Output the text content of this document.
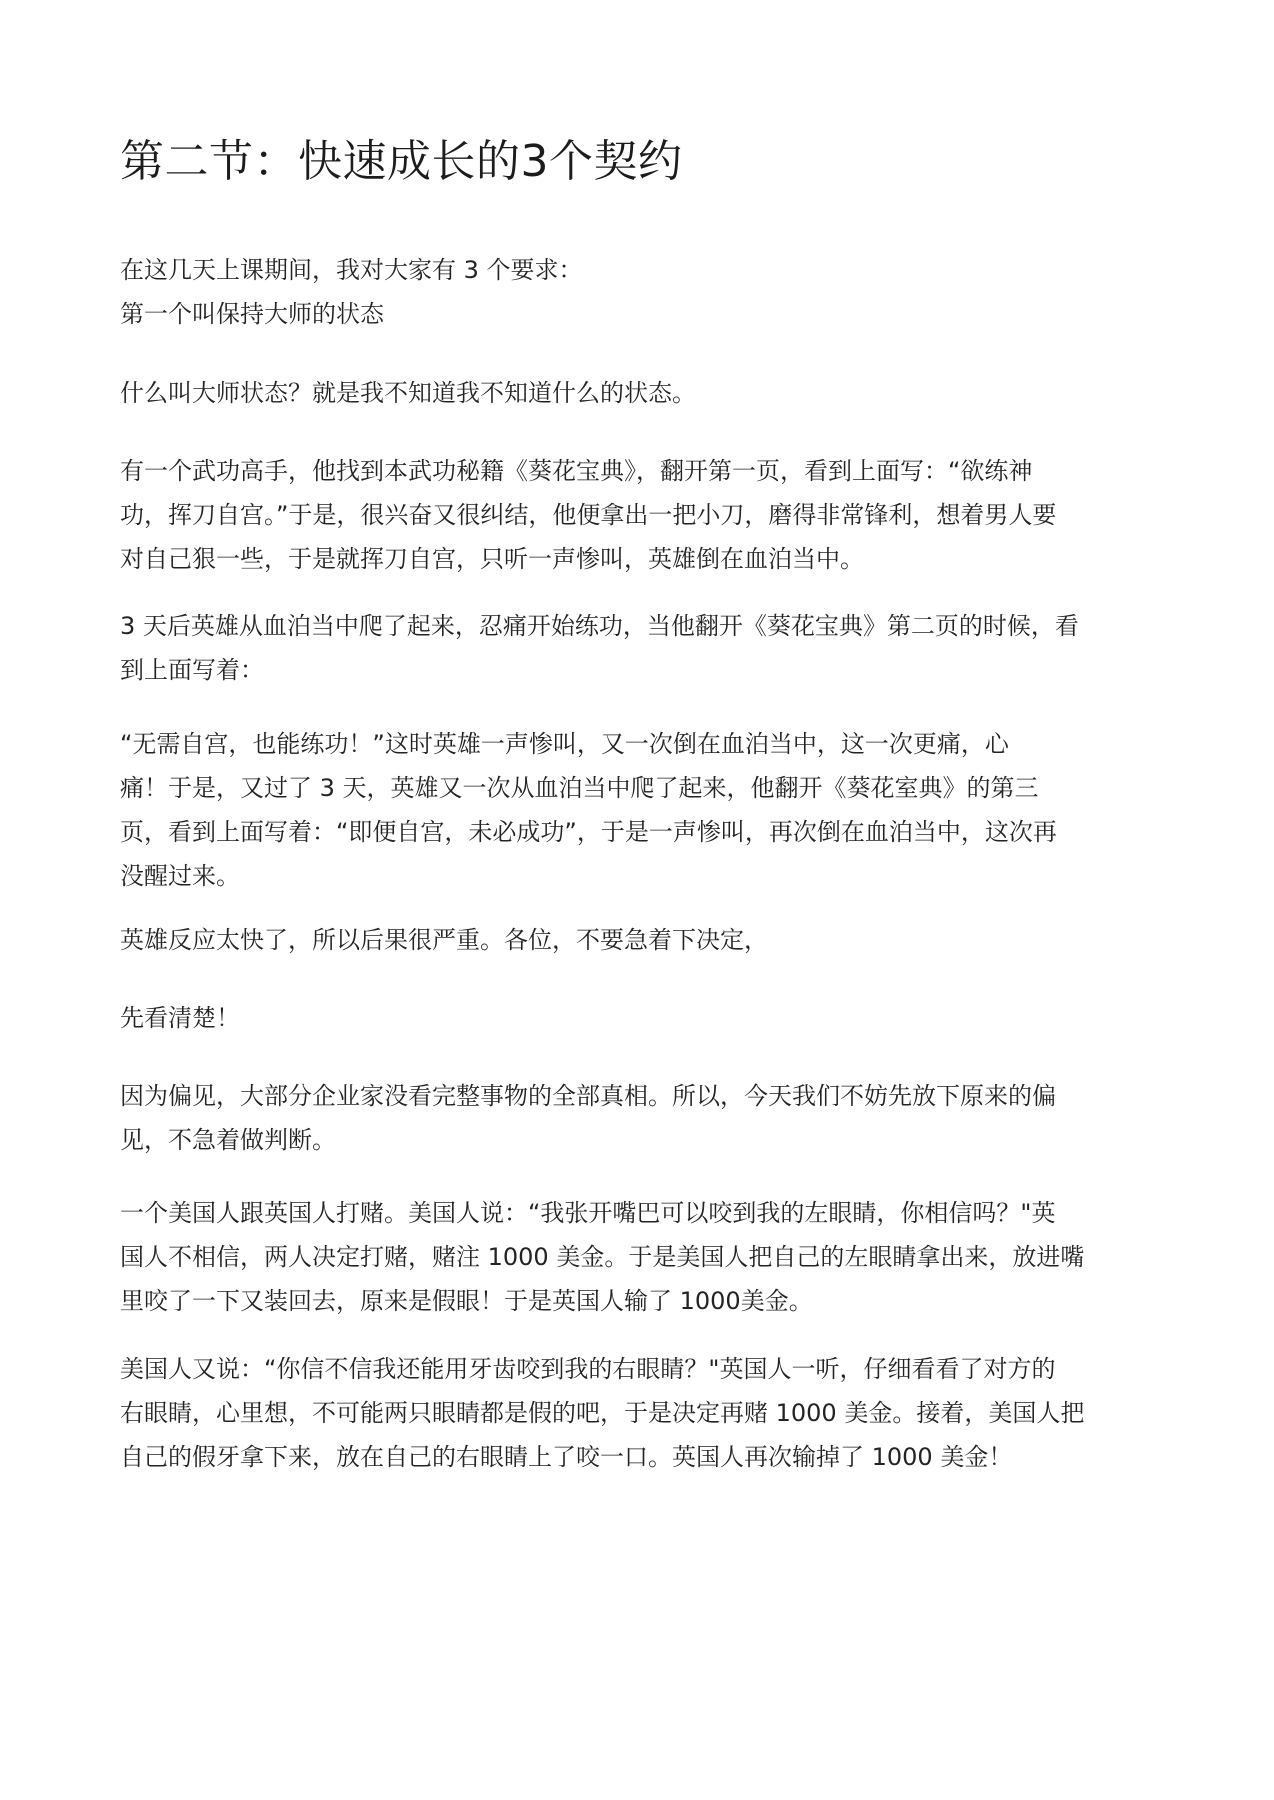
第二节：快速成长的3个契约

在这几天上课期间，我对大家有 3 个要求：

第一个叫保持大师的状态

什么叫大师状态？就是我不知道我不知道什么的状态。

有一个武功高手，他找到本武功秘籍《葵花宝典》，翻开第一页，看到上面写：“欲练神
功，挥刀自宫。”于是，很兴奋又很纠结，他便拿出一把小刀，磨得非常锋利，想着男人要
对自己狠一些，于是就挥刀自宫，只听一声惨叫，英雄倒在血泊当中。

3 天后英雄从血泊当中爬了起来，忍痛开始练功，当他翻开《葵花宝典》第二页的时候，看
到上面写着：

“无需自宫，也能练功！”这时英雄一声惨叫，又一次倒在血泊当中，这一次更痛，心
痛！于是，又过了 3 天，英雄又一次从血泊当中爬了起来，他翻开《葵花室典》的第三
页，看到上面写着：“即便自宫，未必成功”，于是一声惨叫，再次倒在血泊当中，这次再
没醒过来。

英雄反应太快了，所以后果很严重。各位，不要急着下决定，

先看清楚！

因为偏见，大部分企业家没看完整事物的全部真相。所以，今天我们不妨先放下原来的偏
见，不急着做判断。

一个美国人跟英国人打赌。美国人说：“我张开嘴巴可以咬到我的左眼睛，你相信吗？"英
国人不相信，两人决定打赌，赌注 1000 美金。于是美国人把自己的左眼睛拿出来，放进嘴
里咬了一下又装回去，原来是假眼！于是英国人输了 1000美金。

美国人又说：“你信不信我还能用牙齿咬到我的右眼睛？"英国人一听，仔细看看了对方的
右眼睛，心里想，不可能两只眼睛都是假的吧，于是决定再赌 1000 美金。接着，美国人把
自己的假牙拿下来，放在自己的右眼睛上了咬一口。英国人再次输掉了 1000 美金！
